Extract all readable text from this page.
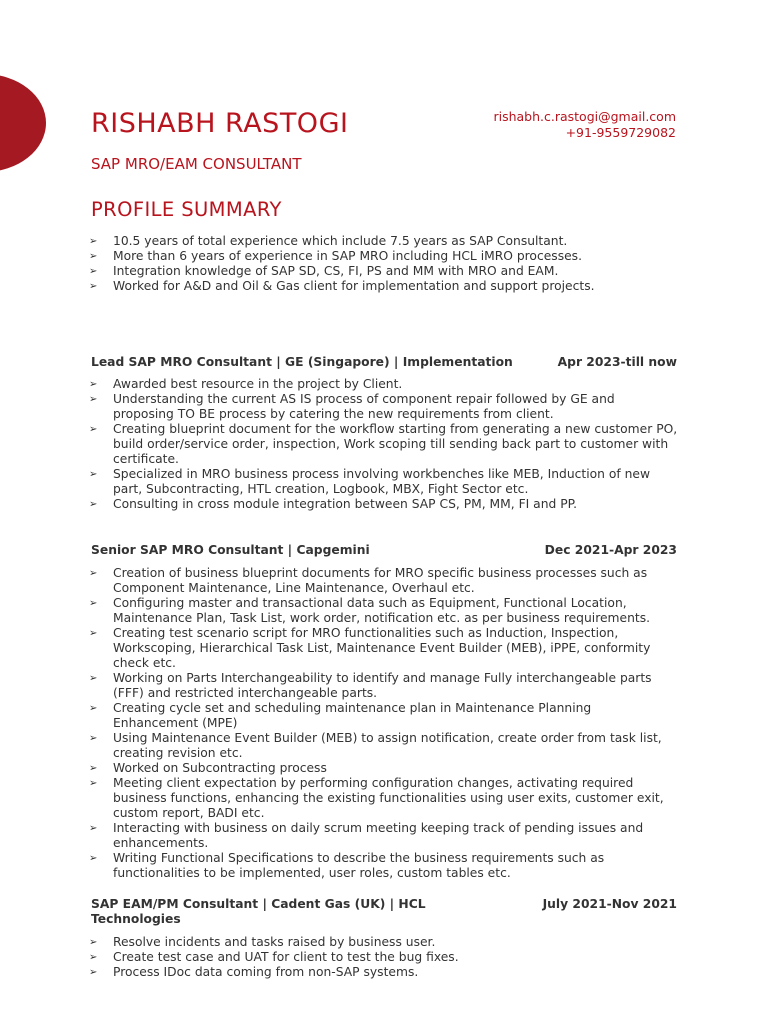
RISHABH RASTOGI
SAP MRO/EAM CONSULTANT
rishabh.c.rastogi@gmail.com
+91-9559729082
PROFILE SUMMARY
➢ 10.5 years of total experience which include 7.5 years as SAP Consultant.
➢ More than 6 years of experience in SAP MRO including HCL iMRO processes.
➢ Integration knowledge of SAP SD, CS, FI, PS and MM with MRO and EAM.
➢ Worked for A&D and Oil & Gas client for implementation and support projects.
Lead SAP MRO Consultant | GE (Singapore) | Implementation	Apr 2023-till now
➢ Awarded best resource in the project by Client.
➢ Understanding the current AS IS process of component repair followed by GE and proposing TO BE process by catering the new requirements from client.
➢ Creating blueprint document for the workflow starting from generating a new customer PO, build order/service order, inspection, Work scoping till sending back part to customer with certificate.
➢ Specialized in MRO business process involving workbenches like MEB, Induction of new part, Subcontracting, HTL creation, Logbook, MBX, Fight Sector etc.
➢ Consulting in cross module integration between SAP CS, PM, MM, FI and PP.
Senior SAP MRO Consultant | Capgemini	Dec 2021-Apr 2023
➢ Creation of business blueprint documents for MRO specific business processes such as Component Maintenance, Line Maintenance, Overhaul etc.
➢ Configuring master and transactional data such as Equipment, Functional Location, Maintenance Plan, Task List, work order, notification etc. as per business requirements.
➢ Creating test scenario script for MRO functionalities such as Induction, Inspection, Workscoping, Hierarchical Task List, Maintenance Event Builder (MEB), iPPE, conformity check etc.
➢ Working on Parts Interchangeability to identify and manage Fully interchangeable parts (FFF) and restricted interchangeable parts.
➢ Creating cycle set and scheduling maintenance plan in Maintenance Planning Enhancement (MPE)
➢ Using Maintenance Event Builder (MEB) to assign notification, create order from task list, creating revision etc.
➢ Worked on Subcontracting process
➢ Meeting client expectation by performing configuration changes, activating required business functions, enhancing the existing functionalities using user exits, customer exit, custom report, BADI etc.
➢ Interacting with business on daily scrum meeting keeping track of pending issues and enhancements.
➢ Writing Functional Specifications to describe the business requirements such as functionalities to be implemented, user roles, custom tables etc.
SAP EAM/PM Consultant | Cadent Gas (UK) | HCL Technologies
July 2021-Nov 2021
➢ Resolve incidents and tasks raised by business user.
➢ Create test case and UAT for client to test the bug fixes.
➢ Process IDoc data coming from non-SAP systems.
